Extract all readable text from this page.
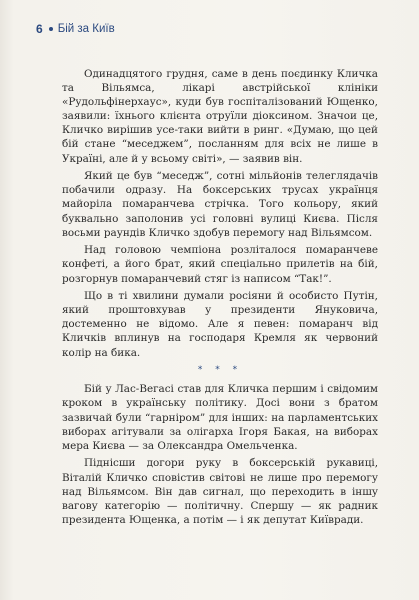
6 Бій за Київ

Одинадцятого грудня, саме в день поєдинку Кличка та Вільямса, лікарі австрійської клініки «Рудольфінерхаус», куди був госпіталізований Ющенко, заявили: їхнього клієнта отруїли діоксином. Значои це, Кличко вирішив усе-таки вийти в ринг. «Думаю, що цей бій стане “меседжем”, посланням для всіх не лише в Україні, але й у всьому світі», — заявив він.

Який це був “меседж”, сотні мільйонів телеглядачів побачили одразу. На боксерських трусах українця майоріла помаранчева стрічка. Того кольору, який буквально заполонив усі головні вулиці Києва. Після восьми раундів Кличко здобув перемогу над Вільямсом.

Над головою чемпіона розліталося помаранчеве конфеті, а його брат, який спеціально прилетів на бій, розгорнув помаранчевий стяг із написом “Так!”.

Що в ті хвилини думали росіяни й особисто Путін, який проштовхував у президенти Януковича, достеменно не відомо. Але я певен: помаранч від Кличків вплинув на господаря Кремля як червоний колір на бика.

* * *

Бій у Лас-Вегасі став для Кличка першим і свідомим кроком в українську політику. Досі вони з братом зазвичай були “гарніром” для інших: на парламентських виборах агітували за олігарха Ігоря Бакая, на виборах мера Києва — за Олександра Омельченка.

Піднісши догори руку в боксерській рукавиці, Віталій Кличко сповістив світові не лише про перемогу над Вільямсом. Він дав сигнал, що переходить в іншу вагову категорію — політичну. Спершу — як радник президента Ющенка, а потім — і як депутат Київради.
